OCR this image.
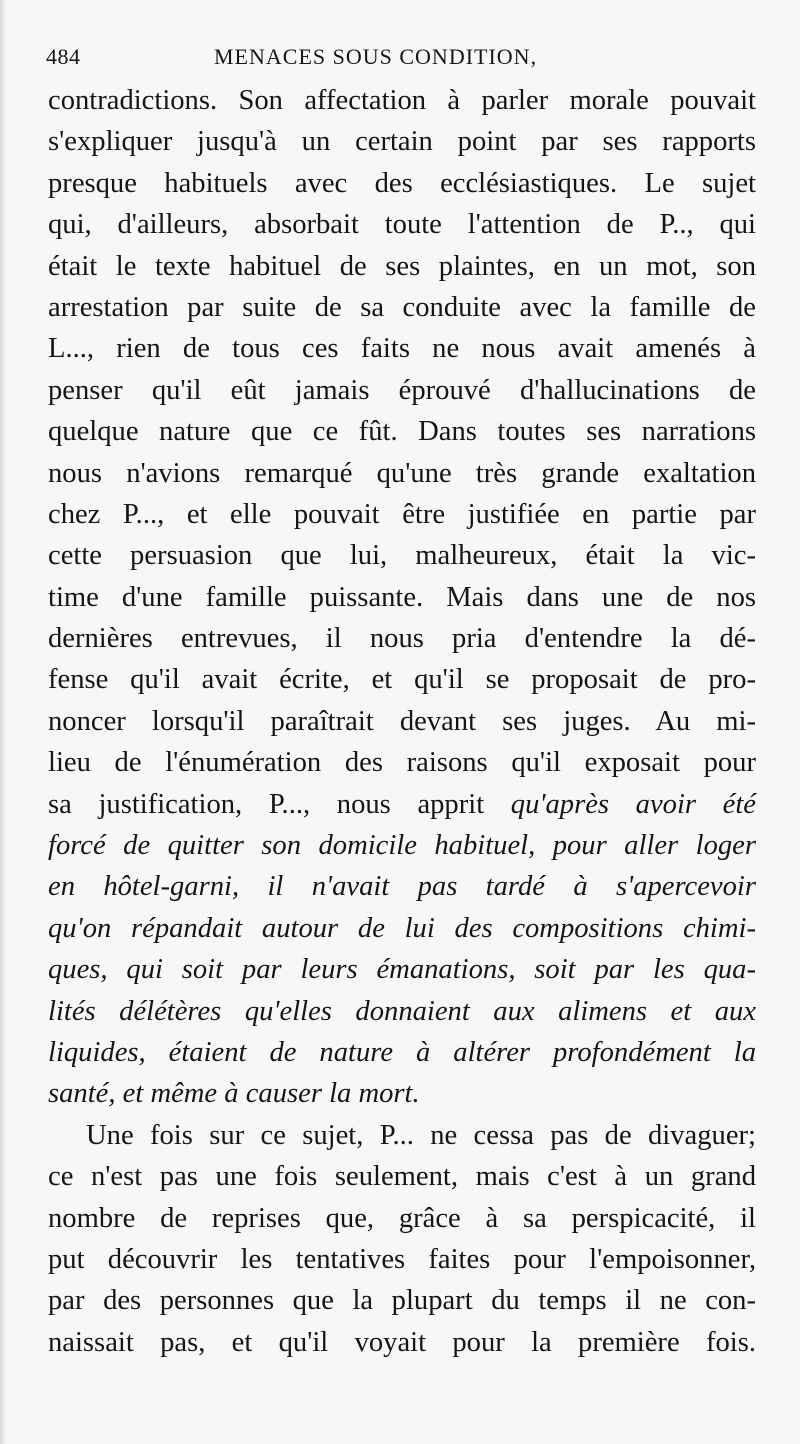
484	MENACES SOUS CONDITION,
contradictions. Son affectation à parler morale pouvait
s'expliquer jusqu'à un certain point par ses rapports
presque habituels avec des ecclésiastiques. Le sujet
qui, d'ailleurs, absorbait toute l'attention de P.., qui
était le texte habituel de ses plaintes, en un mot, son
arrestation par suite de sa conduite avec la famille de
L..., rien de tous ces faits ne nous avait amenés à
penser qu'il eût jamais éprouvé d'hallucinations de
quelque nature que ce fût. Dans toutes ses narrations
nous n'avions remarqué qu'une très grande exaltation
chez P..., et elle pouvait être justifiée en partie par
cette persuasion que lui, malheureux, était la vic-
time d'une famille puissante. Mais dans une de nos
dernières entrevues, il nous pria d'entendre la dé-
fense qu'il avait écrite, et qu'il se proposait de pro-
noncer lorsqu'il paraîtrait devant ses juges. Au mi-
lieu de l'énumération des raisons qu'il exposait pour
sa justification, P..., nous apprit qu'après avoir été
forcé de quitter son domicile habituel, pour aller loger
en hôtel-garni, il n'avait pas tardé à s'apercevoir
qu'on répandait autour de lui des compositions chimi-
ques, qui soit par leurs émanations, soit par les qua-
lités délétères qu'elles donnaient aux alimens et aux
liquides, étaient de nature à altérer profondément la
santé, et même à causer la mort.
Une fois sur ce sujet, P... ne cessa pas de divaguer;
ce n'est pas une fois seulement, mais c'est à un grand
nombre de reprises que, grâce à sa perspicacité, il
put découvrir les tentatives faites pour l'empoisonner,
par des personnes que la plupart du temps il ne con-
naissait pas, et qu'il voyait pour la première fois.
